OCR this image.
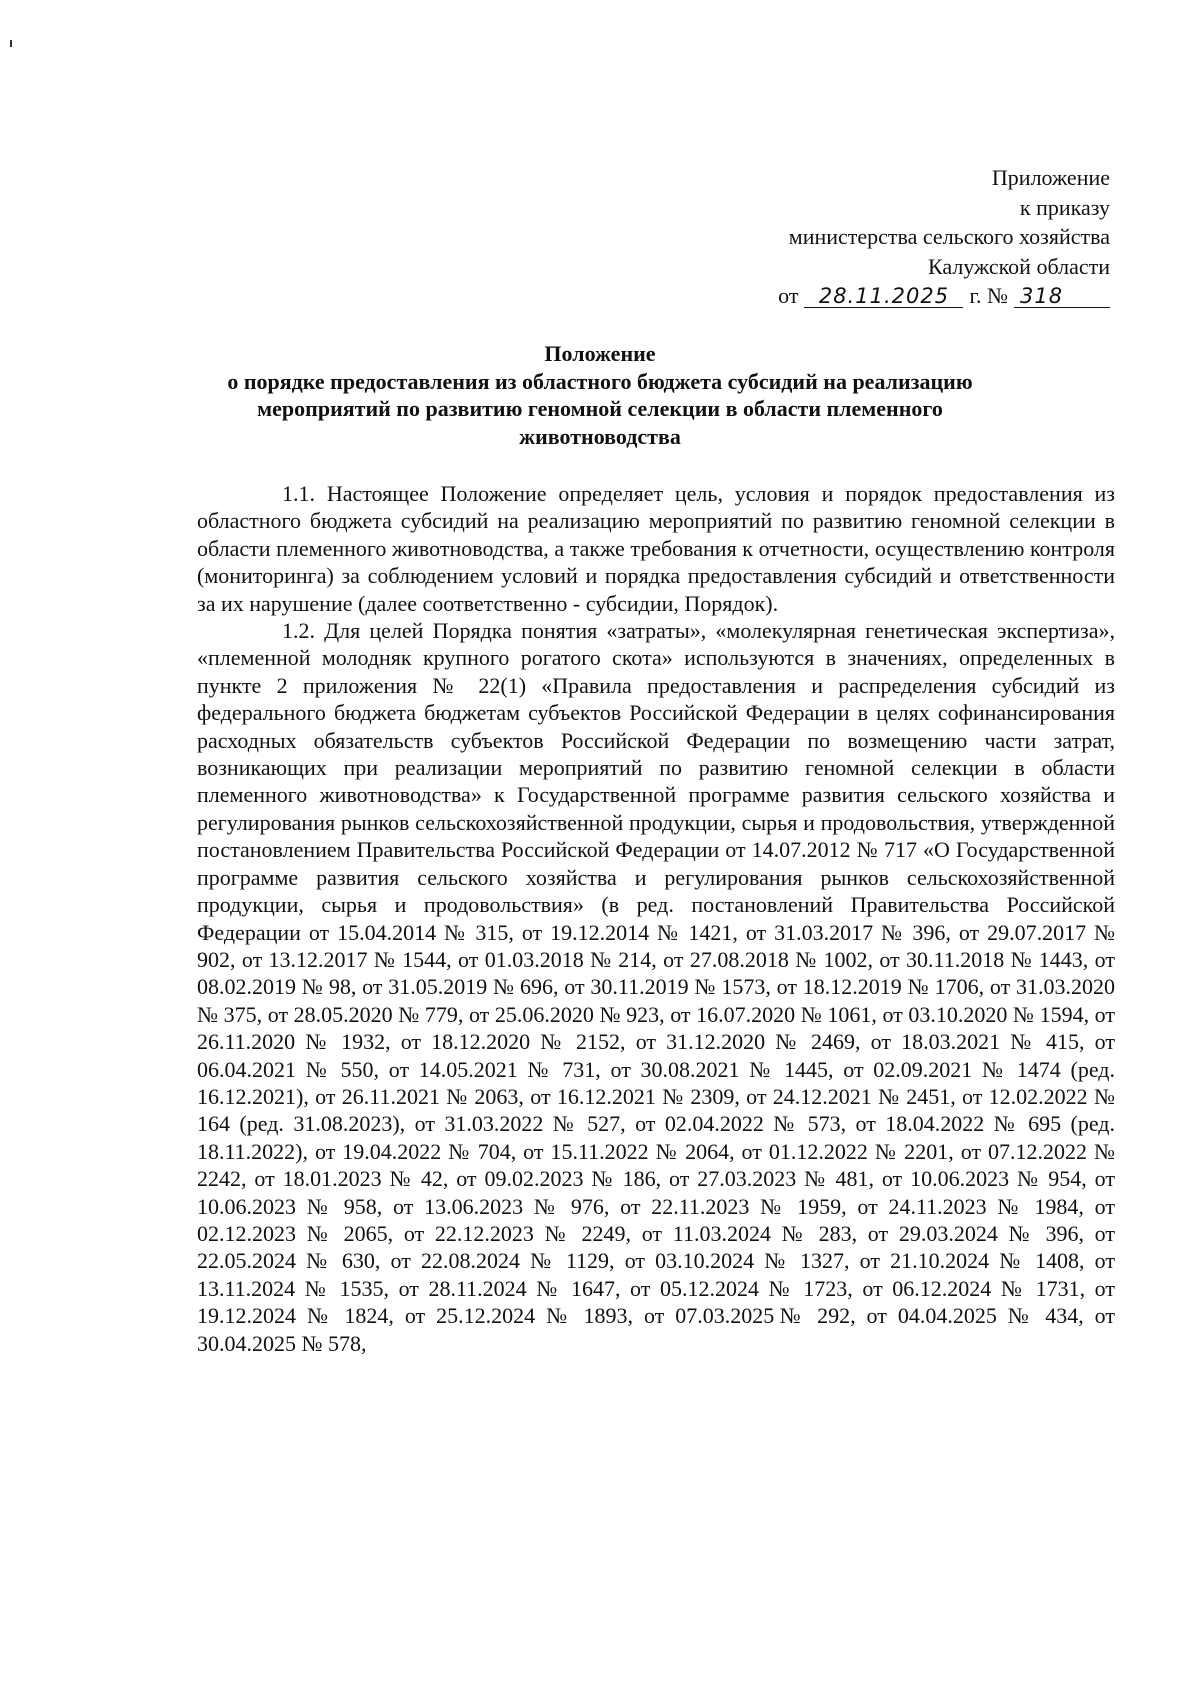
Приложение
к приказу
министерства сельского хозяйства
Калужской области
от 28.11.2025 г. № 318
Положение
о порядке предоставления из областного бюджета субсидий на реализацию
мероприятий по развитию геномной селекции в области племенного
животноводства

1.1. Настоящее Положение определяет цель, условия и порядок предоставления из областного бюджета субсидий на реализацию мероприятий по развитию геномной селекции в области племенного животноводства, а также требования к отчетности, осуществлению контроля (мониторинга) за соблюдением условий и порядка предоставления субсидий и ответственности за их нарушение (далее соответственно - субсидии, Порядок).

1.2. Для целей Порядка понятия «затраты», «молекулярная генетическая экспертиза», «племенной молодняк крупного рогатого скота» используются в значениях, определенных в пункте 2 приложения № 22(1) «Правила предоставления и распределения субсидий из федерального бюджета бюджетам субъектов Российской Федерации в целях софинансирования расходных обязательств субъектов Российской Федерации по возмещению части затрат, возникающих при реализации мероприятий по развитию геномной селекции в области племенного животноводства» к Государственной программе развития сельского хозяйства и регулирования рынков сельскохозяйственной продукции, сырья и продовольствия, утвержденной постановлением Правительства Российской Федерации от 14.07.2012 № 717 «О Государственной программе развития сельского хозяйства и регулирования рынков сельскохозяйственной продукции, сырья и продовольствия» (в ред. постановлений Правительства Российской Федерации от 15.04.2014 № 315, от 19.12.2014 № 1421, от 31.03.2017 № 396, от 29.07.2017 № 902, от 13.12.2017 № 1544, от 01.03.2018 № 214, от 27.08.2018 № 1002, от 30.11.2018 № 1443, от 08.02.2019 № 98, от 31.05.2019 № 696, от 30.11.2019 № 1573, от 18.12.2019 № 1706, от 31.03.2020 № 375, от 28.05.2020 № 779, от 25.06.2020 № 923, от 16.07.2020 № 1061, от 03.10.2020 № 1594, от 26.11.2020 № 1932, от 18.12.2020 № 2152, от 31.12.2020 № 2469, от 18.03.2021 № 415, от 06.04.2021 № 550, от 14.05.2021 № 731, от 30.08.2021 № 1445, от 02.09.2021 № 1474 (ред. 16.12.2021), от 26.11.2021 № 2063, от 16.12.2021 № 2309, от 24.12.2021 № 2451, от 12.02.2022 № 164 (ред. 31.08.2023), от 31.03.2022 № 527, от 02.04.2022 № 573, от 18.04.2022 № 695 (ред. 18.11.2022), от 19.04.2022 № 704, от 15.11.2022 № 2064, от 01.12.2022 № 2201, от 07.12.2022 № 2242, от 18.01.2023 № 42, от 09.02.2023 № 186, от 27.03.2023 № 481, от 10.06.2023 № 954, от 10.06.2023 № 958, от 13.06.2023 № 976, от 22.11.2023 № 1959, от 24.11.2023 № 1984, от 02.12.2023 № 2065, от 22.12.2023 № 2249, от 11.03.2024 № 283, от 29.03.2024 № 396, от 22.05.2024 № 630, от 22.08.2024 № 1129, от 03.10.2024 № 1327, от 21.10.2024 № 1408, от 13.11.2024 № 1535, от 28.11.2024 № 1647, от 05.12.2024 № 1723, от 06.12.2024 № 1731, от 19.12.2024 № 1824, от 25.12.2024 № 1893, от 07.03.2025№ 292, от 04.04.2025 № 434, от 30.04.2025 № 578,
